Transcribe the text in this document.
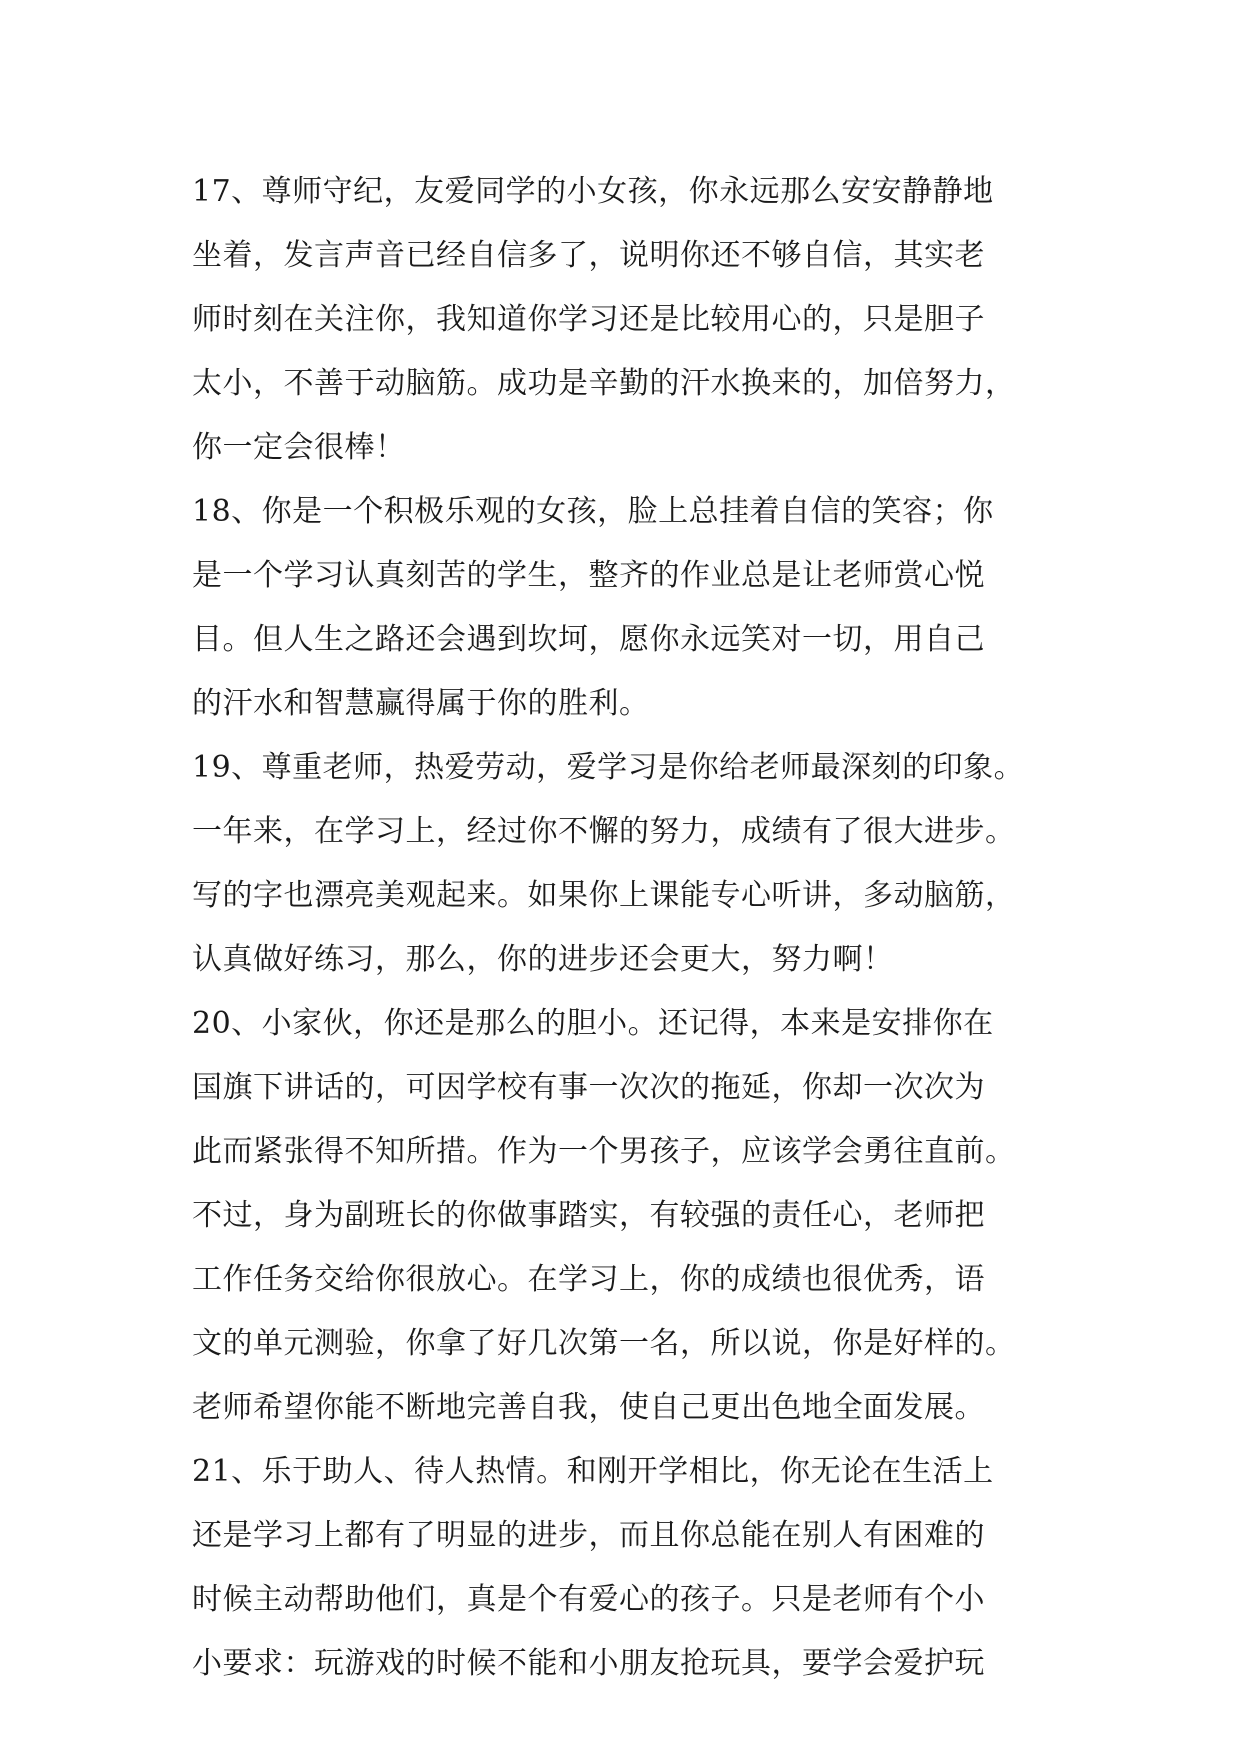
17、尊师守纪，友爱同学的小女孩，你永远那么安安静静地
坐着，发言声音已经自信多了，说明你还不够自信，其实老
师时刻在关注你，我知道你学习还是比较用心的，只是胆子
太小，不善于动脑筋。成功是辛勤的汗水换来的，加倍努力，
你一定会很棒！
18、你是一个积极乐观的女孩，脸上总挂着自信的笑容；你
是一个学习认真刻苦的学生，整齐的作业总是让老师赏心悦
目。但人生之路还会遇到坎坷，愿你永远笑对一切，用自己
的汗水和智慧赢得属于你的胜利。
19、尊重老师，热爱劳动，爱学习是你给老师最深刻的印象。
一年来，在学习上，经过你不懈的努力，成绩有了很大进步。
写的字也漂亮美观起来。如果你上课能专心听讲，多动脑筋，
认真做好练习，那么，你的进步还会更大，努力啊！
20、小家伙，你还是那么的胆小。还记得，本来是安排你在
国旗下讲话的，可因学校有事一次次的拖延，你却一次次为
此而紧张得不知所措。作为一个男孩子，应该学会勇往直前。
不过，身为副班长的你做事踏实，有较强的责任心，老师把
工作任务交给你很放心。在学习上，你的成绩也很优秀，语
文的单元测验，你拿了好几次第一名，所以说，你是好样的。
老师希望你能不断地完善自我，使自己更出色地全面发展。
21、乐于助人、待人热情。和刚开学相比，你无论在生活上
还是学习上都有了明显的进步，而且你总能在别人有困难的
时候主动帮助他们，真是个有爱心的孩子。只是老师有个小
小要求：玩游戏的时候不能和小朋友抢玩具，要学会爱护玩
